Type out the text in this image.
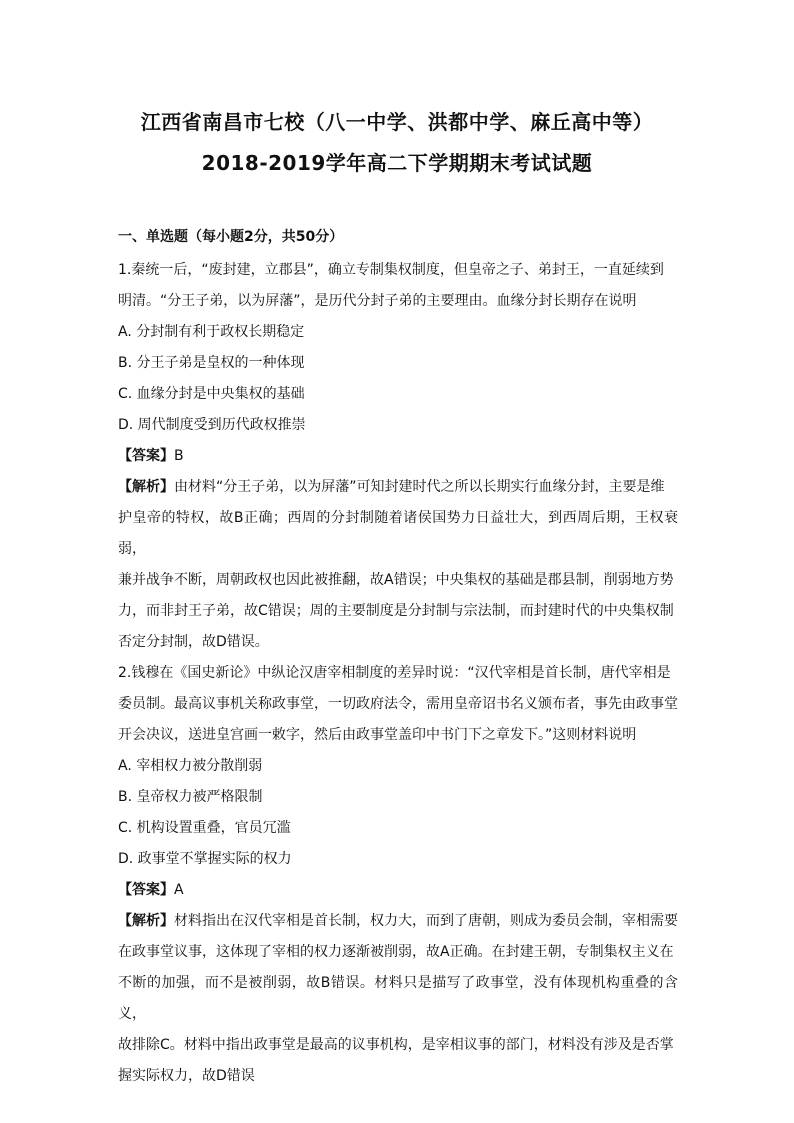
江西省南昌市七校（八一中学、洪都中学、麻丘高中等）
2018-2019学年高二下学期期末考试试题
一、单选题（每小题2分，共50分）

1.秦统一后，“废封建，立郡县”，确立专制集权制度，但皇帝之子、弟封王，一直延续到

明清。“分王子弟，以为屏藩”，是历代分封子弟的主要理由。血缘分封长期存在说明

A. 分封制有利于政权长期稳定

B. 分王子弟是皇权的一种体现

C. 血缘分封是中央集权的基础

D. 周代制度受到历代政权推崇

【答案】B

【解析】由材料“分王子弟，以为屏藩”可知封建时代之所以长期实行血缘分封，主要是维

护皇帝的特权，故B正确；西周的分封制随着诸侯国势力日益壮大，到西周后期，王权衰弱，

兼并战争不断，周朝政权也因此被推翻，故A错误；中央集权的基础是郡县制，削弱地方势

力，而非封王子弟，故C错误；周的主要制度是分封制与宗法制，而封建时代的中央集权制

否定分封制，故D错误。

2.钱穆在《国史新论》中纵论汉唐宰相制度的差异时说：“汉代宰相是首长制，唐代宰相是

委员制。最高议事机关称政事堂，一切政府法令，需用皇帝诏书名义颁布者，事先由政事堂

开会决议，送进皇宫画一敕字，然后由政事堂盖印中书门下之章发下。”这则材料说明

A. 宰相权力被分散削弱

B. 皇帝权力被严格限制

C. 机构设置重叠，官员冗滥

D. 政事堂不掌握实际的权力

【答案】A

【解析】材料指出在汉代宰相是首长制，权力大，而到了唐朝，则成为委员会制，宰相需要

在政事堂议事，这体现了宰相的权力逐渐被削弱，故A正确。在封建王朝，专制集权主义在

不断的加强，而不是被削弱，故B错误。材料只是描写了政事堂，没有体现机构重叠的含义，

故排除C。材料中指出政事堂是最高的议事机构，是宰相议事的部门，材料没有涉及是否掌

握实际权力，故D错误
